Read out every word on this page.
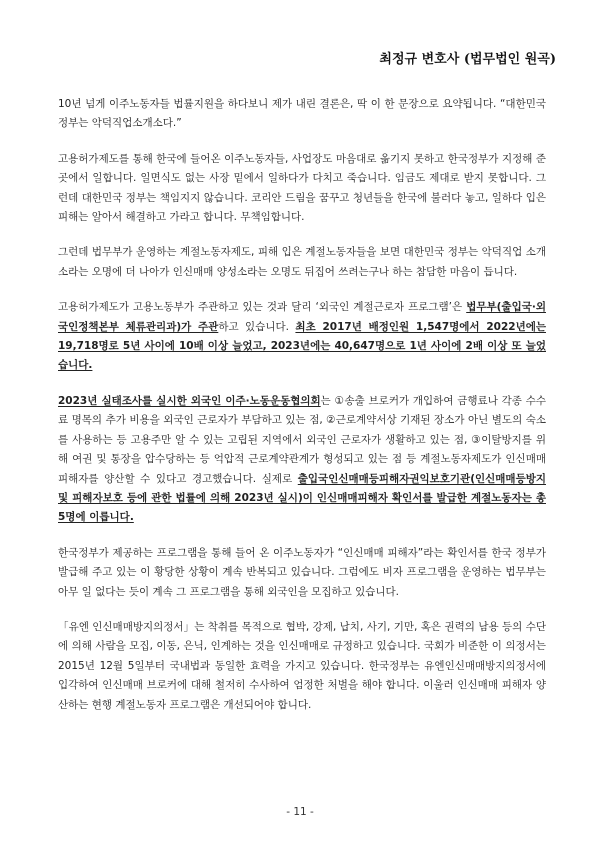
최정규 변호사 (법무법인 원곡)

10년 넘게 이주노동자들 법률지원을 하다보니 제가 내린 결론은, 딱 이 한 문장으로 요약됩니다. “대한민국 정부는 악덕직업소개소다.”

고용허가제도를 통해 한국에 들어온 이주노동자들, 사업장도 마음대로 옮기지 못하고 한국정부가 지정해 준 곳에서 일합니다. 일면식도 없는 사장 밑에서 일하다가 다치고 죽습니다. 임금도 제대로 받지 못합니다. 그런데 대한민국 정부는 책임지지 않습니다. 코리안 드림을 꿈꾸고 청년들을 한국에 불러다 놓고, 일하다 입은 피해는 알아서 해결하고 가라고 합니다. 무책임합니다.

그런데 법무부가 운영하는 계절노동자제도, 피해 입은 계절노동자들을 보면 대한민국 정부는 악덕직업 소개소라는 오명에 더 나아가 인신매매 양성소라는 오명도 뒤집어 쓰려는구나 하는 참담한 마음이 듭니다.

고용허가제도가 고용노동부가 주관하고 있는 것과 달리 ‘외국인 계절근로자 프로그램’은 법무부(출입국·외국인정책본부 체류관리과)가 주관하고 있습니다. 최초 2017년 배정인원 1,547명에서 2022년에는 19,718명로 5년 사이에 10배 이상 늘었고, 2023년에는 40,647명으로 1년 사이에 2배 이상 또 늘었습니다.

2023년 실태조사를 실시한 외국인 이주·노동운동협의회는 ①송출 브로커가 개입하여 금행료나 각종 수수료 명목의 추가 비용을 외국인 근로자가 부담하고 있는 점, ②근로계약서상 기재된 장소가 아닌 별도의 숙소를 사용하는 등 고용주만 알 수 있는 고립된 지역에서 외국인 근로자가 생활하고 있는 점, ③이탈방지를 위해 여권 및 통장을 압수당하는 등 억압적 근로계약관계가 형성되고 있는 점 등 계절노동자제도가 인신매매 피해자를 양산할 수 있다고 경고했습니다. 실제로 출입국인신매매등피해자권익보호기관(인신매매등방지 및 피해자보호 등에 관한 법률에 의해 2023년 실시)이 인신매매피해자 확인서를 발급한 계절노동자는 총 5명에 이릅니다.

한국정부가 제공하는 프로그램을 통해 들어 온 이주노동자가 “인신매매 피해자”라는 확인서를 한국 정부가 발급해 주고 있는 이 황당한 상황이 계속 반복되고 있습니다. 그럼에도 비자 프로그램을 운영하는 법무부는 아무 일 없다는 듯이 계속 그 프로그램을 통해 외국인을 모집하고 있습니다.

「유엔 인신매매방지의정서」는 착취를 목적으로 협박, 강제, 납치, 사기, 기만, 혹은 권력의 남용 등의 수단에 의해 사람을 모집, 이동, 은닉, 인계하는 것을 인신매매로 규정하고 있습니다. 국회가 비준한 이 의정서는 2015년 12월 5일부터 국내법과 동일한 효력을 가지고 있습니다. 한국정부는 유엔인신매매방지의정서에 입각하여 인신매매 브로커에 대해 철저히 수사하여 엄정한 처벌을 해야 합니다. 이울러 인신매매 피해자 양산하는 현행 계절노동자 프로그램은 개선되어야 합니다.

- 11 -
